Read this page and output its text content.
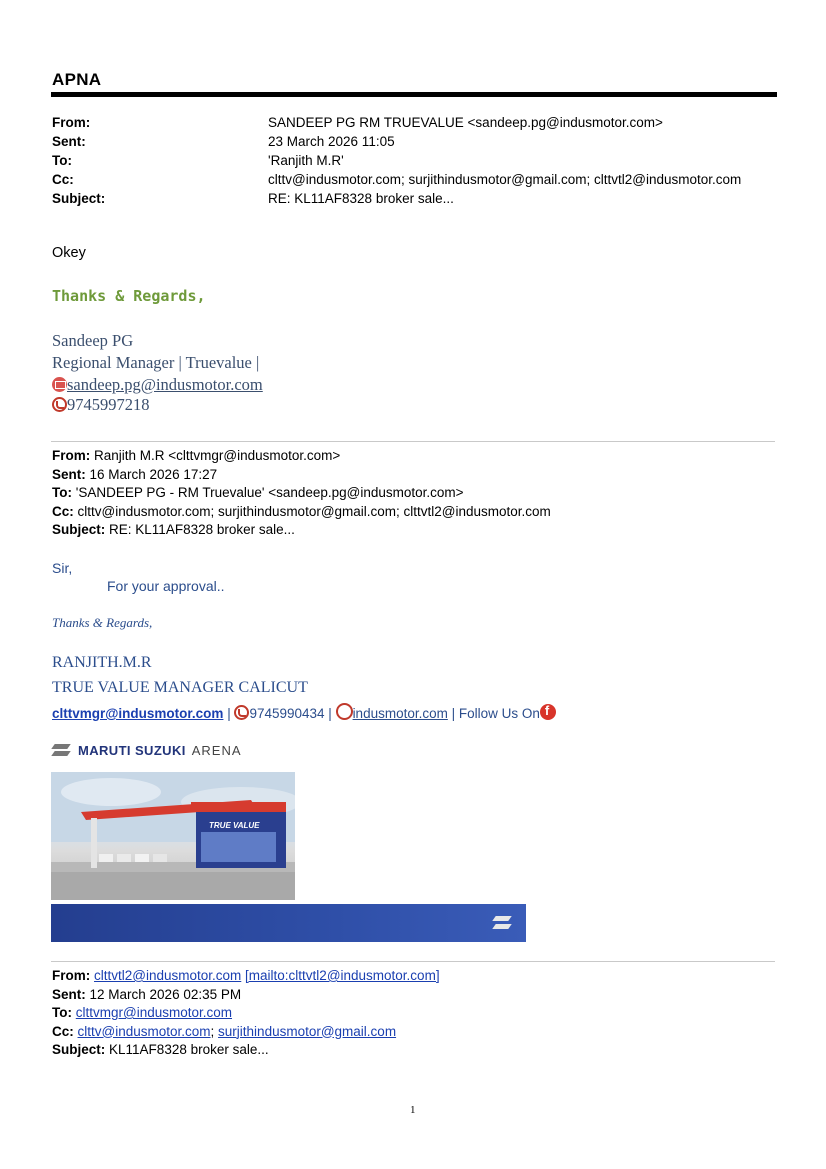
APNA
From:	SANDEEP PG RM TRUEVALUE <sandeep.pg@indusmotor.com>
Sent:	23 March 2026 11:05
To:	'Ranjith M.R'
Cc:	clttv@indusmotor.com; surjithindusmotor@gmail.com; clttvtl2@indusmotor.com
Subject:	RE: KL11AF8328 broker sale...
Okey
Thanks & Regards,
Sandeep PG
Regional Manager | Truevalue |
sandeep.pg@indusmotor.com
9745997218
From: Ranjith M.R <clttvmgr@indusmotor.com>
Sent: 16 March 2026 17:27
To: 'SANDEEP PG - RM Truevalue' <sandeep.pg@indusmotor.com>
Cc: clttv@indusmotor.com; surjithindusmotor@gmail.com; clttvtl2@indusmotor.com
Subject: RE: KL11AF8328 broker sale...
Sir,
For your approval..
Thanks & Regards,
RANJITH.M.R
TRUE VALUE MANAGER CALICUT
clttvmgr@indusmotor.com | 9745990434 | indusmotor.com | Follow Us Onf
MARUTI SUZUKI ARENA
TRUE VALUE
From: clttvtl2@indusmotor.com [mailto:clttvtl2@indusmotor.com]
Sent: 12 March 2026 02:35 PM
To: clttvmgr@indusmotor.com
Cc: clttv@indusmotor.com; surjithindusmotor@gmail.com
Subject: KL11AF8328 broker sale...
1
